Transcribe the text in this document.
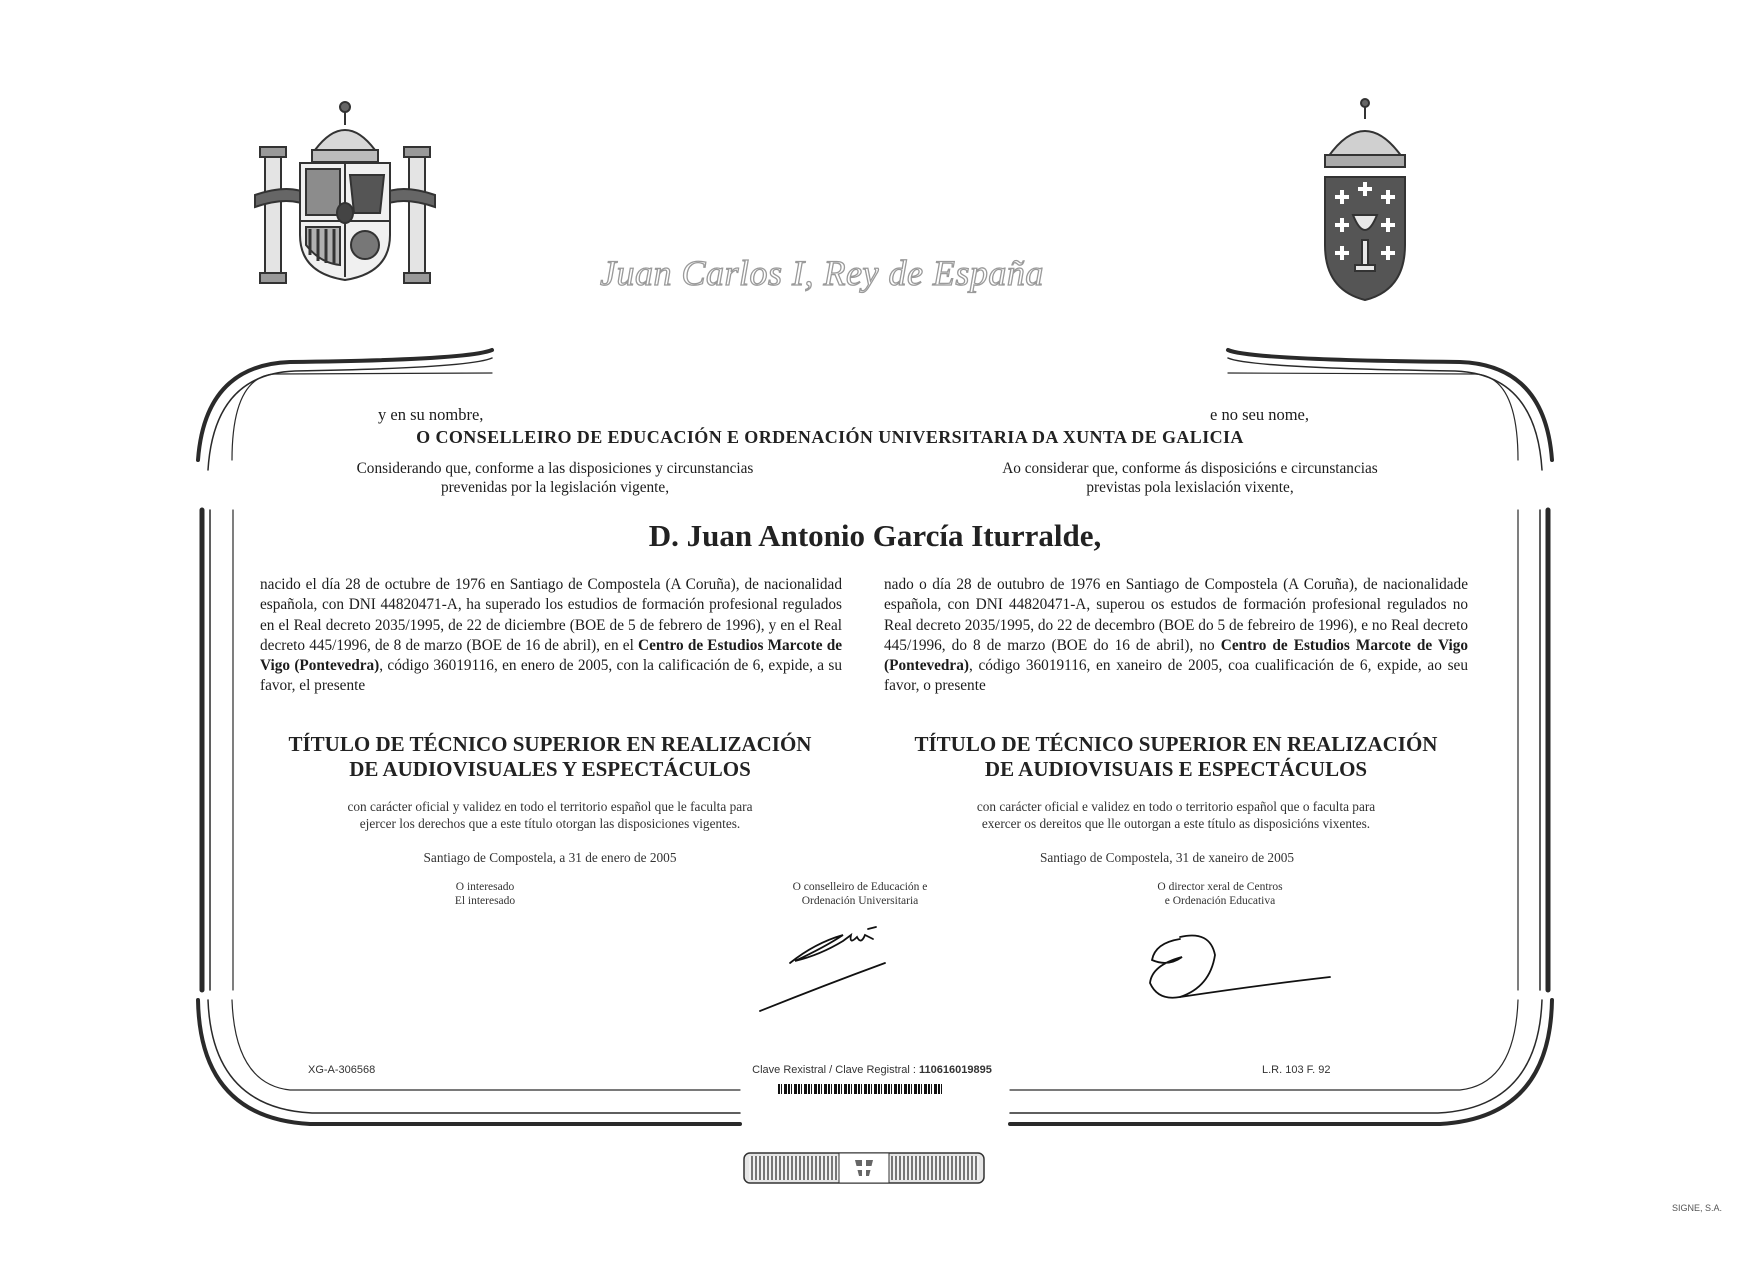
Juan Carlos I, Rey de España
y en su nombre,	e no seu nome,
O CONSELLEIRO DE EDUCACIÓN E ORDENACIÓN UNIVERSITARIA DA XUNTA DE GALICIA
Considerando que, conforme a las disposiciones y circunstancias
prevenidas por la legislación vigente,
Ao considerar que, conforme ás disposicións e circunstancias
previstas pola lexislación vixente,
D. Juan Antonio García Iturralde,
nacido el día 28 de octubre de 1976 en Santiago de Compostela (A Coruña), de nacionalidad española, con DNI 44820471-A, ha superado los estudios de formación profesional regulados en el Real decreto 2035/1995, de 22 de diciembre (BOE de 5 de febrero de 1996), y en el Real decreto 445/1996, de 8 de marzo (BOE de 16 de abril), en el Centro de Estudios Marcote de Vigo (Pontevedra), código 36019116, en enero de 2005, con la calificación de 6, expide, a su favor, el presente
nado o día 28 de outubro de 1976 en Santiago de Compostela (A Coruña), de nacionalidade española, con DNI 44820471-A, superou os estudos de formación profesional regulados no Real decreto 2035/1995, do 22 de decembro (BOE do 5 de febreiro de 1996), e no Real decreto 445/1996, do 8 de marzo (BOE do 16 de abril), no Centro de Estudios Marcote de Vigo (Pontevedra), código 36019116, en xaneiro de 2005, coa cualificación de 6, expide, ao seu favor, o presente
TÍTULO DE TÉCNICO SUPERIOR EN REALIZACIÓN
DE AUDIOVISUALES Y ESPECTÁCULOS
TÍTULO DE TÉCNICO SUPERIOR EN REALIZACIÓN
DE AUDIOVISUAIS E ESPECTÁCULOS
con carácter oficial y validez en todo el territorio español que le faculta para
ejercer los derechos que a este título otorgan las disposiciones vigentes.
con carácter oficial e validez en todo o territorio español que o faculta para
exercer os dereitos que lle outorgan a este título as disposicións vixentes.
Santiago de Compostela, a 31 de enero de 2005	Santiago de Compostela, 31 de xaneiro de 2005
O interesado
El interesado
O conselleiro de Educación e
Ordenación Universitaria
O director xeral de Centros
e Ordenación Educativa
XG-A-306568	Clave Rexistral / Clave Registral : 110616019895	L.R. 103 F. 92
SIGNE, S.A.
